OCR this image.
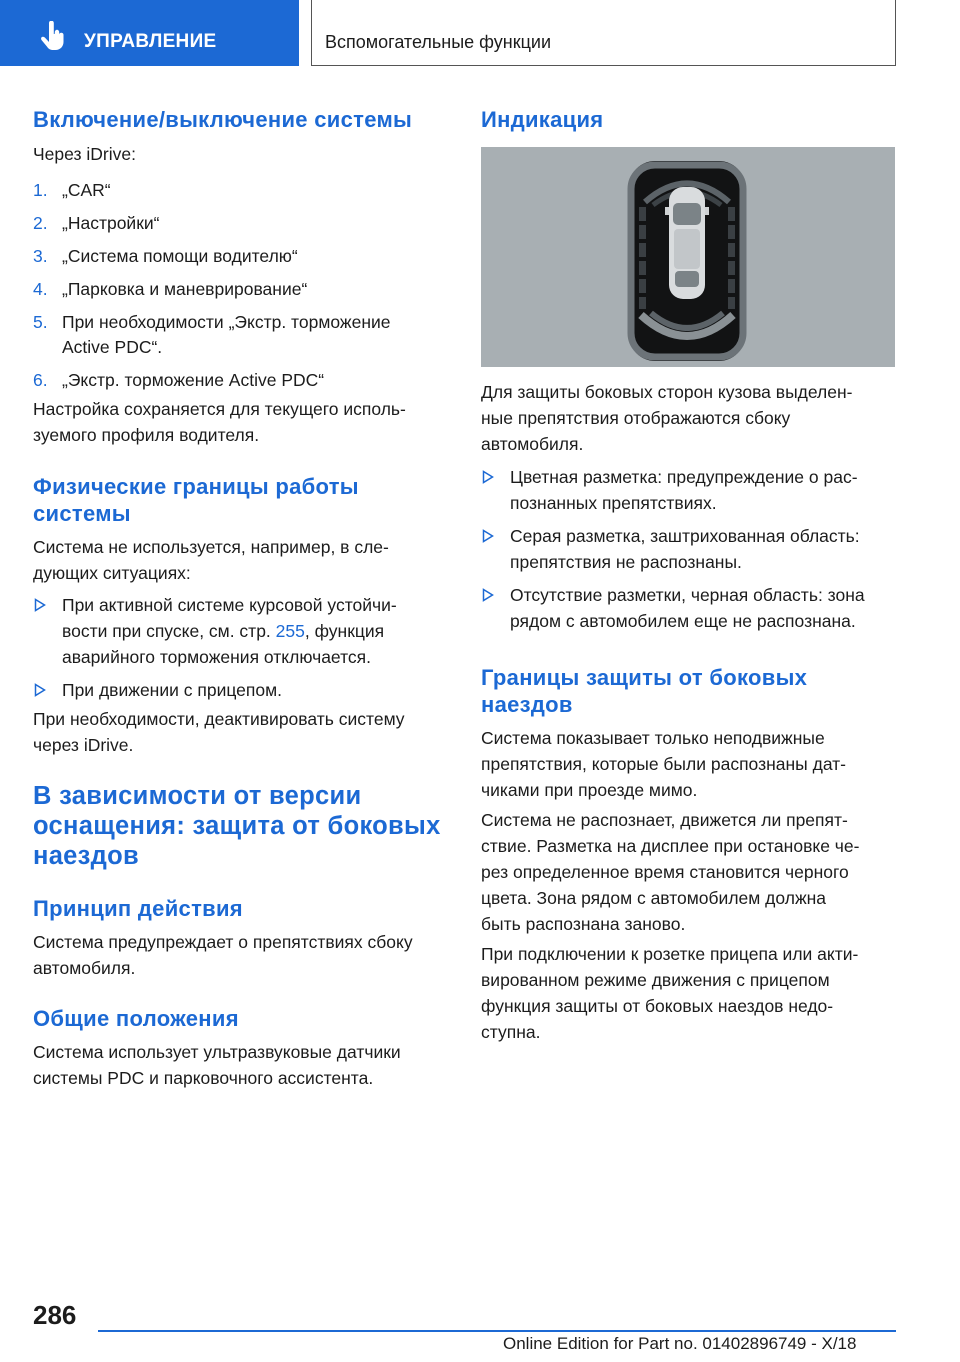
УПРАВЛЕНИЕ	Вспомогательные функции
Включение/выключение системы
Через iDrive:
1. „CAR“
2. „Настройки“
3. „Система помощи водителю“
4. „Парковка и маневрирование“
5. При необходимости „Экстр. торможение
Active PDC“.
6. „Экстр. торможение Active PDC“
Настройка сохраняется для текущего исполь‐
зуемого профиля водителя.
Физические границы работы
системы
Система не используется, например, в сле‐
дующих ситуациях:
При активной системе курсовой устойчи‐
вости при спуске, см. стр. 255, функция
аварийного торможения отключается.
При движении с прицепом.
При необходимости, деактивировать систему
через iDrive.
В зависимости от версии
оснащения: защита от боковых
наездов
Принцип действия
Система предупреждает о препятствиях сбоку
автомобиля.
Общие положения
Система использует ультразвуковые датчики
системы PDC и парковочного ассистента.
Индикация
Для защиты боковых сторон кузова выделен‐
ные препятствия отображаются сбоку
автомобиля.
Цветная разметка: предупреждение о рас‐
познанных препятствиях.
Серая разметка, заштрихованная область:
препятствия не распознаны.
Отсутствие разметки, черная область: зона
рядом с автомобилем еще не распознана.
Границы защиты от боковых
наездов
Система показывает только неподвижные
препятствия, которые были распознаны дат‐
чиками при проезде мимо.
Система не распознает, движется ли препят‐
ствие. Разметка на дисплее при остановке че‐
рез определенное время становится черного
цвета. Зона рядом с автомобилем должна
быть распознана заново.
При подключении к розетке прицепа или акти‐
вированном режиме движения с прицепом
функция защиты от боковых наездов недо‐
ступна.
286
Online Edition for Part no. 01402896749 - X/18
